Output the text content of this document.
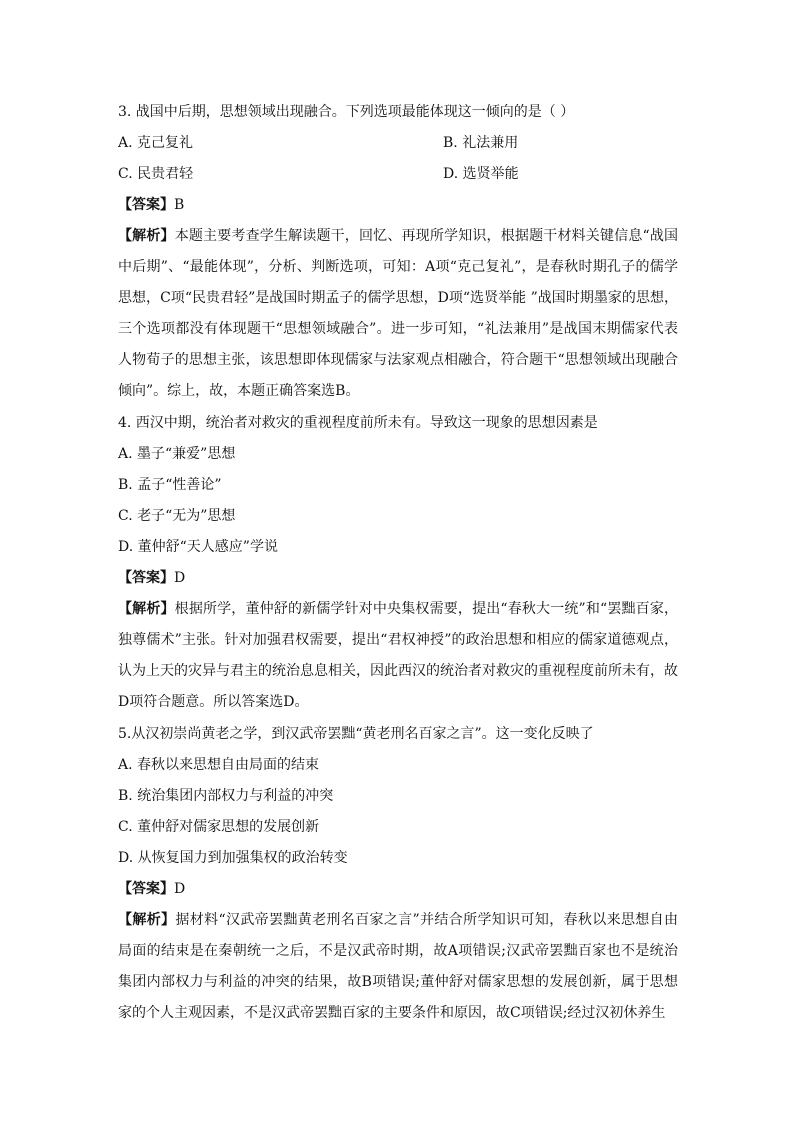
3. 战国中后期，思想领域出现融合。下列选项最能体现这一倾向的是（ ）
A. 克己复礼	B. 礼法兼用
C. 民贵君轻	D. 选贤举能
【答案】B
【解析】本题主要考查学生解读题干，回忆、再现所学知识，根据题干材料关键信息“战国中后期”、“最能体现”，分析、判断选项，可知：A项“克己复礼”，是春秋时期孔子的儒学思想，C项“民贵君轻”是战国时期孟子的儒学思想，D项“选贤举能 ”战国时期墨家的思想，三个选项都没有体现题干“思想领域融合”。进一步可知，“礼法兼用”是战国末期儒家代表人物荀子的思想主张，该思想即体现儒家与法家观点相融合，符合题干“思想领域出现融合倾向”。综上，故，本题正确答案选B。
4. 西汉中期，统治者对救灾的重视程度前所未有。导致这一现象的思想因素是
A. 墨子“兼爱”思想
B. 孟子“性善论”
C. 老子“无为”思想
D. 董仲舒“天人感应”学说
【答案】D
【解析】根据所学，董仲舒的新儒学针对中央集权需要，提出“春秋大一统”和“罢黜百家，独尊儒术”主张。针对加强君权需要，提出“君权神授”的政治思想和相应的儒家道德观点，认为上天的灾异与君主的统治息息相关，因此西汉的统治者对救灾的重视程度前所未有，故D项符合题意。所以答案选D。
5.从汉初崇尚黄老之学，到汉武帝罢黜“黄老刑名百家之言”。这一变化反映了
A. 春秋以来思想自由局面的结束
B. 统治集团内部权力与利益的冲突
C. 董仲舒对儒家思想的发展创新
D. 从恢复国力到加强集权的政治转变
【答案】D
【解析】据材料“汉武帝罢黜黄老刑名百家之言”并结合所学知识可知，春秋以来思想自由局面的结束是在秦朝统一之后，不是汉武帝时期，故A项错误;汉武帝罢黜百家也不是统治集团内部权力与利益的冲突的结果，故B项错误;董仲舒对儒家思想的发展创新，属于思想家的个人主观因素，不是汉武帝罢黜百家的主要条件和原因，故C项错误;经过汉初休养生
